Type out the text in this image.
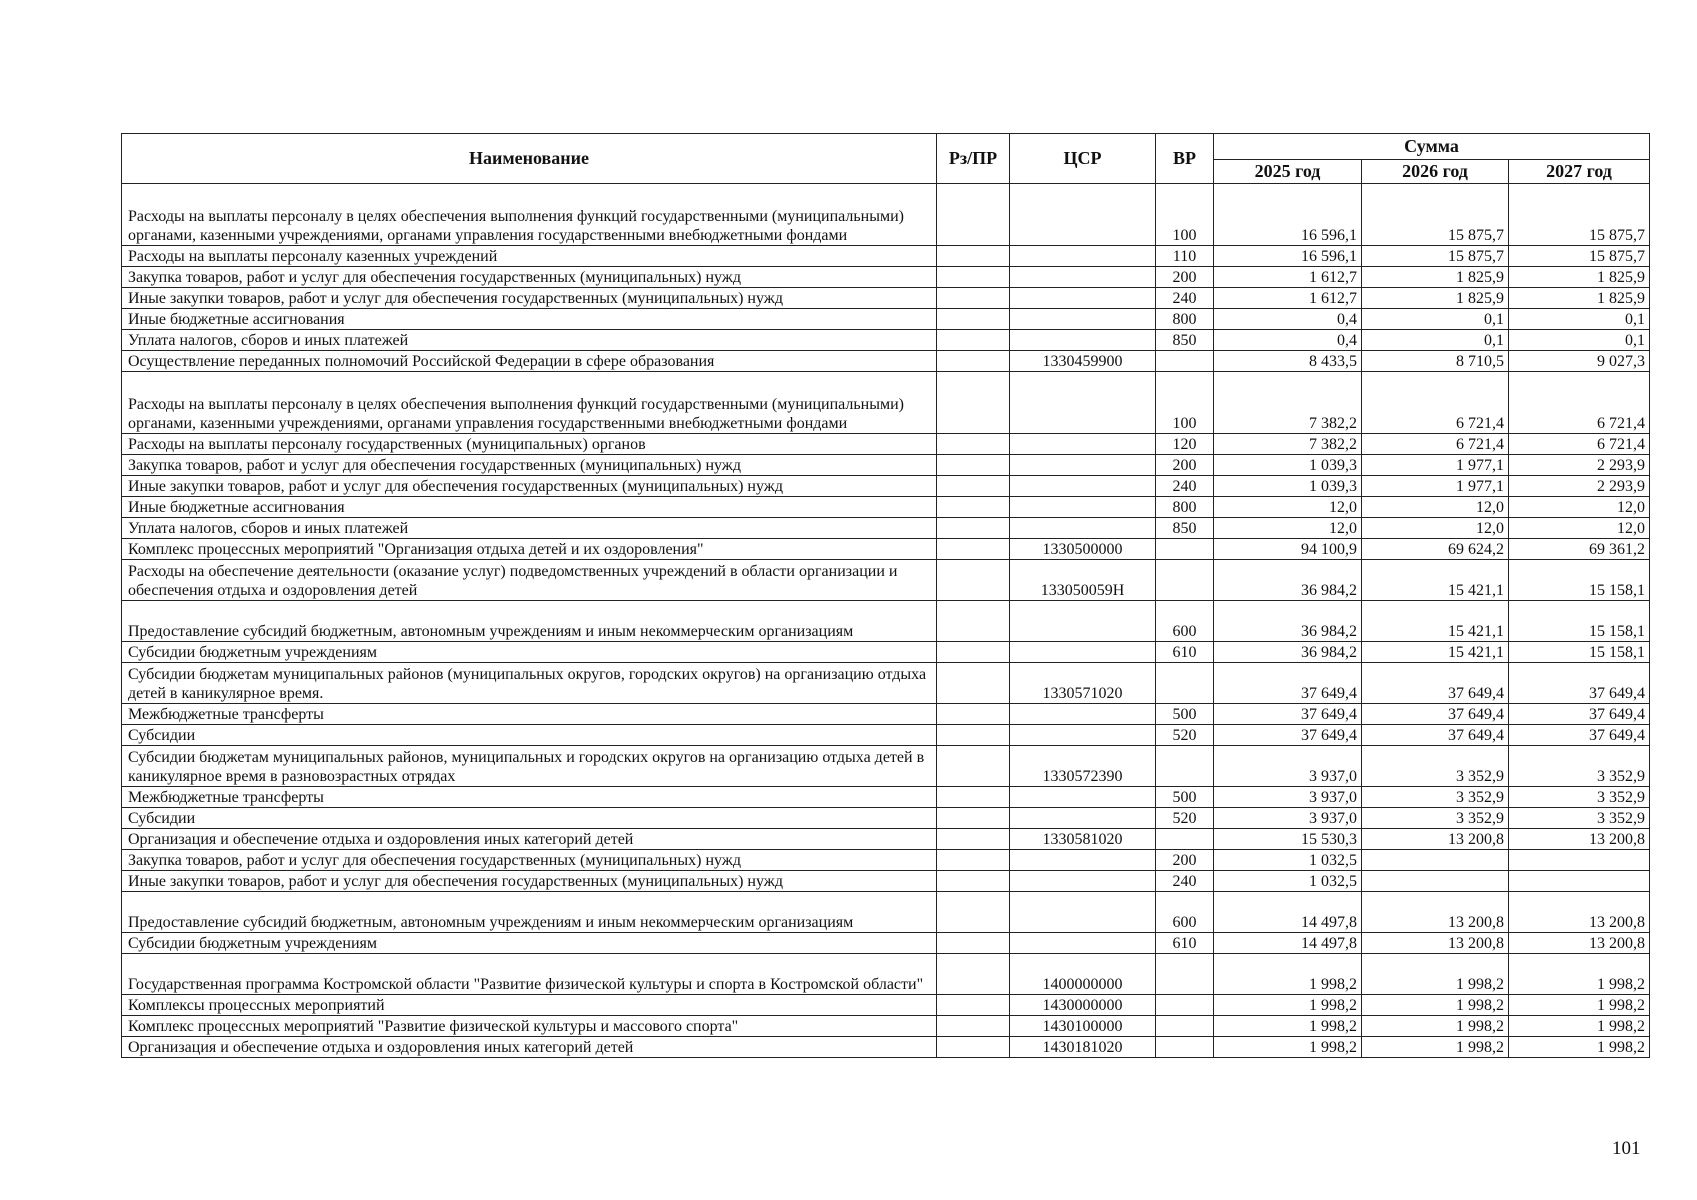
Наименование	Рз/ПР	ЦСР	ВР	Сумма		
				2025 год	2026 год	2027 год
Расходы на выплаты персоналу в целях обеспечения выполнения функций государственными (муниципальными) органами, казенными учреждениями, органами управления государственными внебюджетными фондами			100	16 596,1	15 875,7	15 875,7
Расходы на выплаты персоналу казенных учреждений			110	16 596,1	15 875,7	15 875,7
Закупка товаров, работ и услуг для обеспечения государственных (муниципальных) нужд			200	1 612,7	1 825,9	1 825,9
Иные закупки товаров, работ и услуг для обеспечения государственных (муниципальных) нужд			240	1 612,7	1 825,9	1 825,9
Иные бюджетные ассигнования			800	0,4	0,1	0,1
Уплата налогов, сборов и иных платежей			850	0,4	0,1	0,1
Осуществление переданных полномочий Российской Федерации в сфере образования		1330459900		8 433,5	8 710,5	9 027,3
Расходы на выплаты персоналу в целях обеспечения выполнения функций государственными (муниципальными) органами, казенными учреждениями, органами управления государственными внебюджетными фондами			100	7 382,2	6 721,4	6 721,4
Расходы на выплаты персоналу государственных (муниципальных) органов			120	7 382,2	6 721,4	6 721,4
Закупка товаров, работ и услуг для обеспечения государственных (муниципальных) нужд			200	1 039,3	1 977,1	2 293,9
Иные закупки товаров, работ и услуг для обеспечения государственных (муниципальных) нужд			240	1 039,3	1 977,1	2 293,9
Иные бюджетные ассигнования			800	12,0	12,0	12,0
Уплата налогов, сборов и иных платежей			850	12,0	12,0	12,0
Комплекс процессных мероприятий "Организация отдыха детей и их оздоровления"		1330500000		94 100,9	69 624,2	69 361,2
Расходы на обеспечение деятельности (оказание услуг) подведомственных учреждений в области организации и обеспечения отдыха и оздоровления детей		133050059Н		36 984,2	15 421,1	15 158,1
Предоставление субсидий бюджетным, автономным учреждениям и иным некоммерческим организациям			600	36 984,2	15 421,1	15 158,1
Субсидии бюджетным учреждениям			610	36 984,2	15 421,1	15 158,1
Субсидии бюджетам муниципальных районов (муниципальных округов, городских округов) на организацию отдыха детей в каникулярное время.		1330571020		37 649,4	37 649,4	37 649,4
Межбюджетные трансферты			500	37 649,4	37 649,4	37 649,4
Субсидии			520	37 649,4	37 649,4	37 649,4
Субсидии бюджетам муниципальных районов, муниципальных и городских округов на организацию отдыха детей в каникулярное время в разновозрастных отрядах		1330572390		3 937,0	3 352,9	3 352,9
Межбюджетные трансферты			500	3 937,0	3 352,9	3 352,9
Субсидии			520	3 937,0	3 352,9	3 352,9
Организация и обеспечение отдыха и оздоровления иных категорий детей		1330581020		15 530,3	13 200,8	13 200,8
Закупка товаров, работ и услуг для обеспечения государственных (муниципальных) нужд			200	1 032,5		
Иные закупки товаров, работ и услуг для обеспечения государственных (муниципальных) нужд			240	1 032,5		
Предоставление субсидий бюджетным, автономным учреждениям и иным некоммерческим организациям			600	14 497,8	13 200,8	13 200,8
Субсидии бюджетным учреждениям			610	14 497,8	13 200,8	13 200,8
Государственная программа Костромской области "Развитие физической культуры и спорта в Костромской области"		1400000000		1 998,2	1 998,2	1 998,2
Комплексы процессных мероприятий		1430000000		1 998,2	1 998,2	1 998,2
Комплекс процессных мероприятий "Развитие физической культуры и массового спорта"		1430100000		1 998,2	1 998,2	1 998,2
Организация и обеспечение отдыха и оздоровления иных категорий детей		1430181020		1 998,2	1 998,2	1 998,2
101
